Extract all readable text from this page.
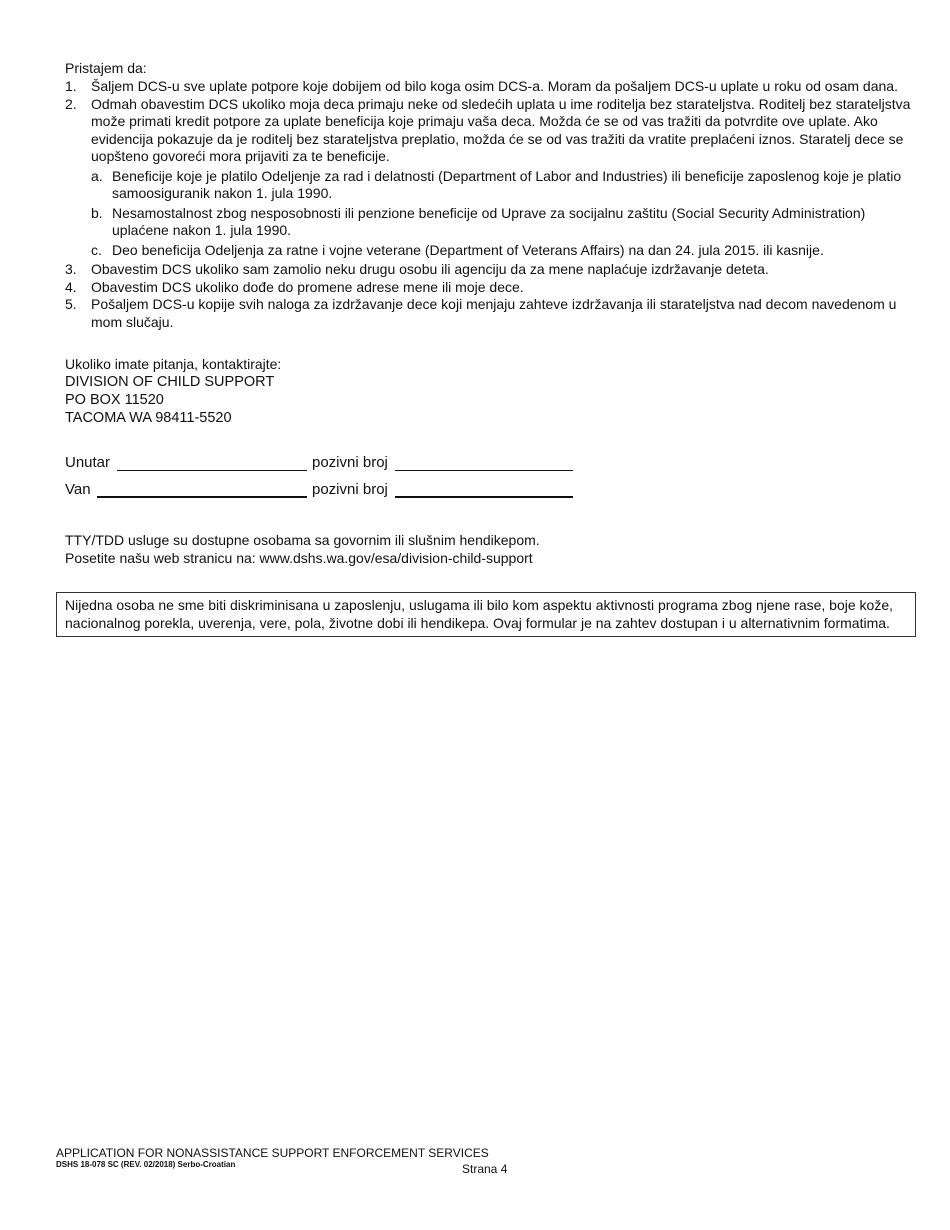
Pristajem da:
1. Šaljem DCS-u sve uplate potpore koje dobijem od bilo koga osim DCS-a. Moram da pošaljem DCS-u uplate u roku od osam dana.
2. Odmah obavestim DCS ukoliko moja deca primaju neke od sledećih uplata u ime roditelja bez starateljstva. Roditelj bez starateljstva može primati kredit potpore za uplate beneficija koje primaju vaša deca. Možda će se od vas tražiti da potvrdite ove uplate. Ako evidencija pokazuje da je roditelj bez starateljstva preplatio, možda će se od vas tražiti da vratite preplaćeni iznos. Staratelj dece se uopšteno govoreći mora prijaviti za te beneficije.
a. Beneficije koje je platilo Odeljenje za rad i delatnosti (Department of Labor and Industries) ili beneficije zaposlenog koje je platio samoosiguranik nakon 1. jula 1990.
b. Nesamostalnost zbog nesposobnosti ili penzione beneficije od Uprave za socijalnu zaštitu (Social Security Administration) uplaćene nakon 1. jula 1990.
c. Deo beneficija Odeljenja za ratne i vojne veterane (Department of Veterans Affairs) na dan 24. jula 2015. ili kasnije.
3. Obavestim DCS ukoliko sam zamolio neku drugu osobu ili agenciju da za mene naplaćuje izdržavanje deteta.
4. Obavestim DCS ukoliko dođe do promene adrese mene ili moje dece.
5. Pošaljem DCS-u kopije svih naloga za izdržavanje dece koji menjaju zahteve izdržavanja ili starateljstva nad decom navedenom u mom slučaju.
Ukoliko imate pitanja, kontaktirajte:
DIVISION OF CHILD SUPPORT
PO BOX 11520
TACOMA WA 98411-5520
Unutar	pozivni broj
Van	pozivni broj
TTY/TDD usluge su dostupne osobama sa govornim ili slušnim hendikepom.
Posetite našu web stranicu na: www.dshs.wa.gov/esa/division-child-support
Nijedna osoba ne sme biti diskriminisana u zaposlenju, uslugama ili bilo kom aspektu aktivnosti programa zbog njene rase, boje kože, nacionalnog porekla, uverenja, vere, pola, životne dobi ili hendikepa. Ovaj formular je na zahtev dostupan i u alternativnim formatima.
APPLICATION FOR NONASSISTANCE SUPPORT ENFORCEMENT SERVICES
DSHS 18-078 SC (REV. 02/2018) Serbo-Croatian	Strana 4
